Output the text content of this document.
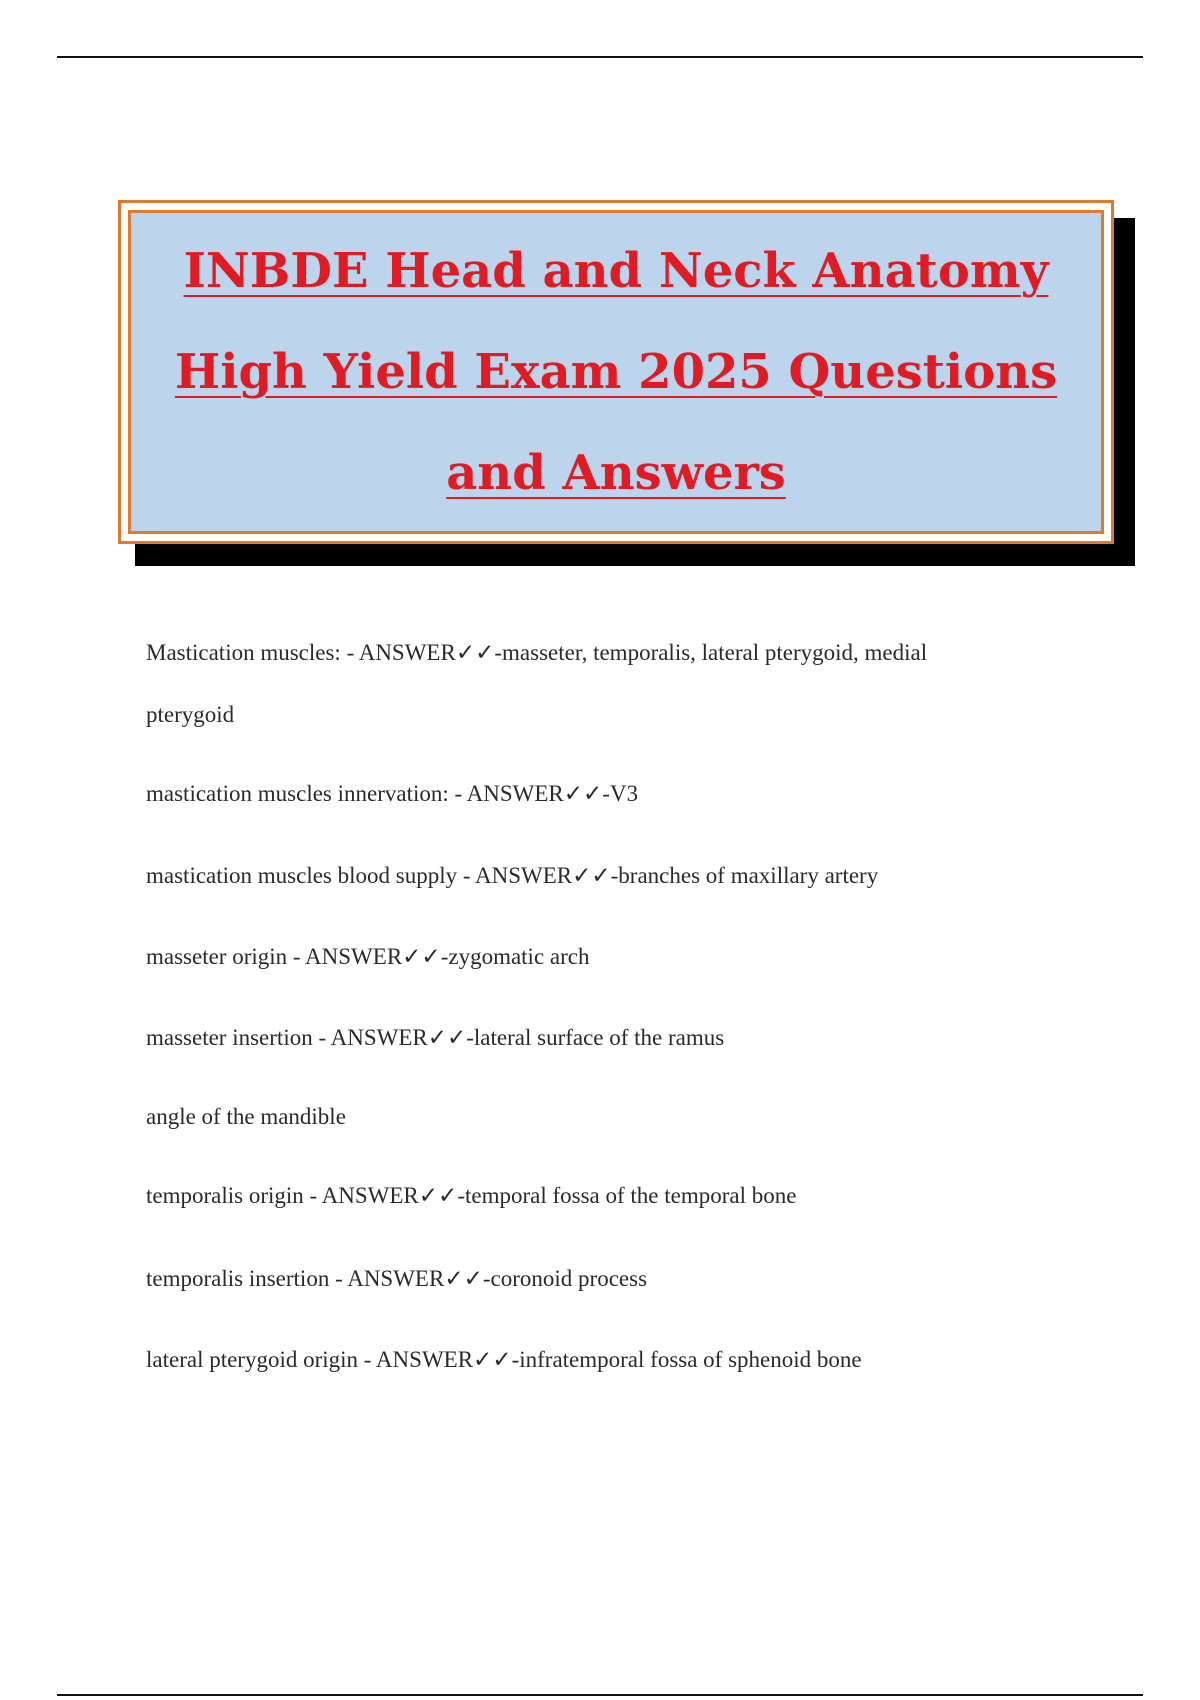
INBDE Head and Neck Anatomy
High Yield Exam 2025 Questions
and Answers
Mastication muscles: - ANSWER✓✓-masseter, temporalis, lateral pterygoid, medial
pterygoid
mastication muscles innervation: - ANSWER✓✓-V3
mastication muscles blood supply - ANSWER✓✓-branches of maxillary artery
masseter origin - ANSWER✓✓-zygomatic arch
masseter insertion - ANSWER✓✓-lateral surface of the ramus
angle of the mandible
temporalis origin - ANSWER✓✓-temporal fossa of the temporal bone
temporalis insertion - ANSWER✓✓-coronoid process
lateral pterygoid origin - ANSWER✓✓-infratemporal fossa of sphenoid bone
